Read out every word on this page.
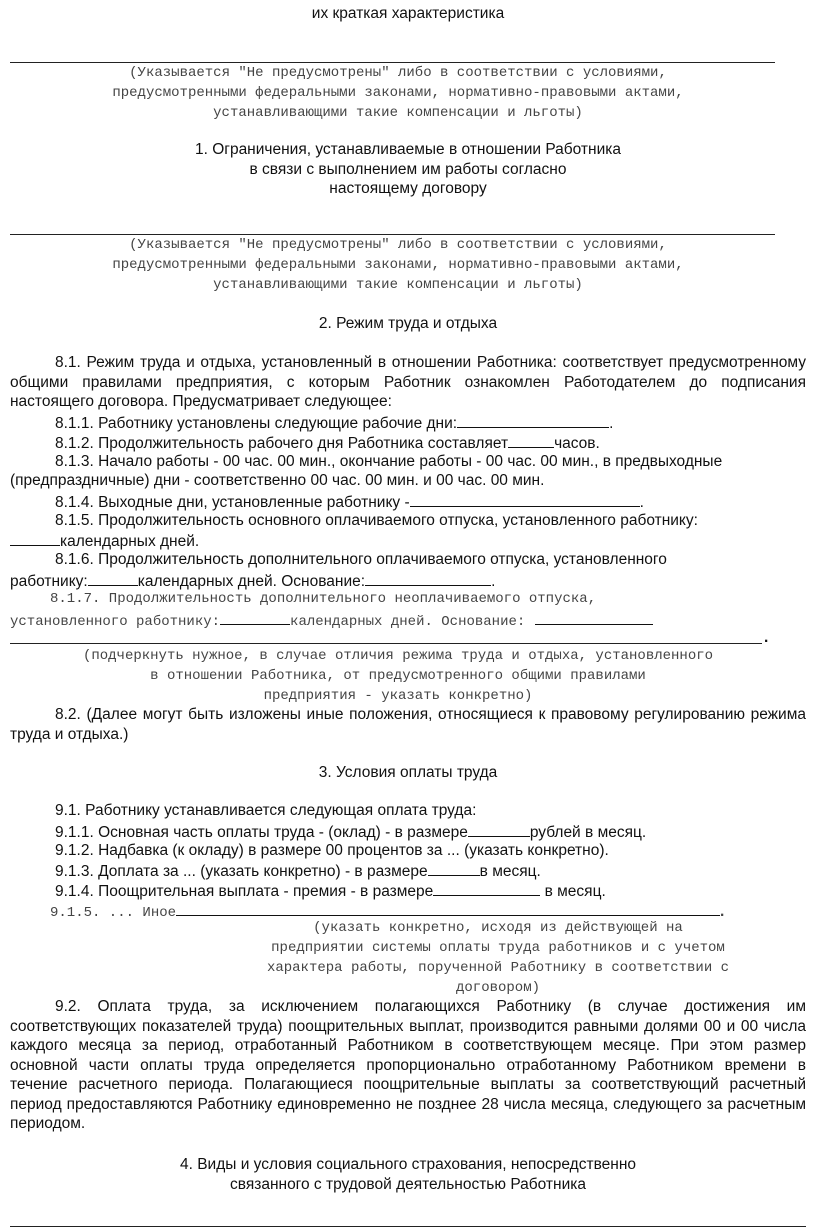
их краткая характеристика
(Указывается "Не предусмотрены" либо в соответствии с условиями,
предусмотренными федеральными законами, нормативно-правовыми актами,
устанавливающими такие компенсации и льготы)
1. Ограничения, устанавливаемые в отношении Работника
в связи с выполнением им работы согласно
настоящему договору
(Указывается "Не предусмотрены" либо в соответствии с условиями,
предусмотренными федеральными законами, нормативно-правовыми актами,
устанавливающими такие компенсации и льготы)
2. Режим труда и отдыха
8.1. Режим труда и отдыха, установленный в отношении Работника: соответствует предусмотренному общими правилами предприятия, с которым Работник ознакомлен Работодателем до подписания настоящего договора. Предусматривает следующее:
8.1.1. Работнику установлены следующие рабочие дни:	.
8.1.2. Продолжительность рабочего дня Работника составляет	часов.
8.1.3. Начало работы - 00 час. 00 мин., окончание работы - 00 час. 00 мин., в предвыходные
(предпраздничные) дни - соответственно 00 час. 00 мин. и 00 час. 00 мин.
8.1.4. Выходные дни, установленные работнику -	.
8.1.5. Продолжительность основного оплачиваемого отпуска, установленного работнику:
календарных дней.
8.1.6. Продолжительность дополнительного оплачиваемого отпуска, установленного
работнику:	календарных дней. Основание:	.
8.1.7. Продолжительность дополнительного неоплачиваемого отпуска,
установленного работнику:	календарных дней. Основание:
.
(подчеркнуть нужное, в случае отличия режима труда и отдыха, установленного
в отношении Работника, от предусмотренного общими правилами
предприятия - указать конкретно)
8.2. (Далее могут быть изложены иные положения, относящиеся к правовому регулированию режима труда и отдыха.)
3. Условия оплаты труда
9.1. Работнику устанавливается следующая оплата труда:
9.1.1. Основная часть оплаты труда - (оклад) - в размере	рублей в месяц.
9.1.2. Надбавка (к окладу) в размере 00 процентов за ... (указать конкретно).
9.1.3. Доплата за ... (указать конкретно) - в размере	в месяц.
9.1.4. Поощрительная выплата - премия - в размере	в месяц.
9.1.5. ... Иное	.
(указать конкретно, исходя из действующей на
предприятии системы оплаты труда работников и с учетом
характера работы, порученной Работнику в соответствии с
договором)
9.2. Оплата труда, за исключением полагающихся Работнику (в случае достижения им соответствующих показателей труда) поощрительных выплат, производится равными долями 00 и 00 числа каждого месяца за период, отработанный Работником в соответствующем месяце. При этом размер основной части оплаты труда определяется пропорционально отработанному Работником времени в течение расчетного периода. Полагающиеся поощрительные выплаты за соответствующий расчетный период предоставляются Работнику единовременно не позднее 28 числа месяца, следующего за расчетным периодом.
4. Виды и условия социального страхования, непосредственно
связанного с трудовой деятельностью Работника
